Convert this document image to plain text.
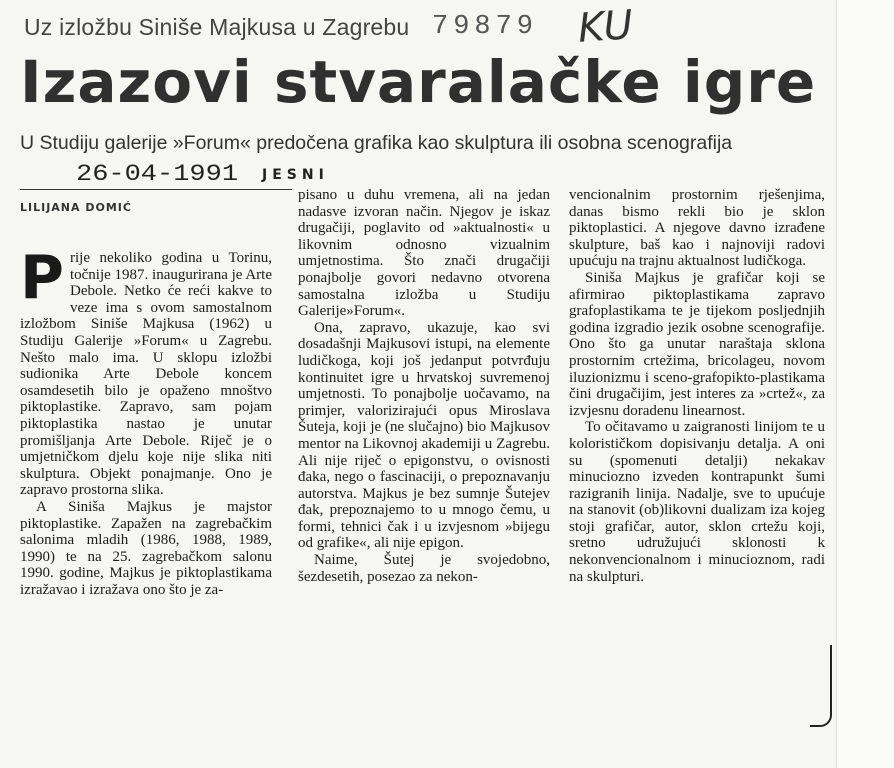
Uz izložbu Siniše Majkusa u Zagrebu 79879 KU
Izazovi stvaralačke igre
U Studiju galerije »Forum« predočena grafika kao skulptura ili osobna scenografija
26-04-1991 JESNI
LILIJANA DOMIĆ
P rije nekoliko godina u Torinu, točnije 1987. inaugurirana je Arte Debole. Netko će reći kakve to veze ima s ovom samostalnom izložbom Siniše Majkusa (1962) u Studiju Galerije »Forum« u Zagrebu. Nešto malo ima. U sklopu izložbi sudionika Arte Debole koncem osamdesetih bilo je opaženo mnoštvo piktoplastike. Zapravo, sam pojam piktoplastika nastao je unutar promišljanja Arte Debole. Riječ je o umjetničkom djelu koje nije slika niti skulptura. Objekt ponajmanje. Ono je zapravo prostorna slika.

A Siniša Majkus je majstor piktoplastike. Zapažen na zagrebačkim salonima mladih (1986, 1988, 1989, 1990) te na 25. zagrebačkom salonu 1990. godine, Majkus je piktoplastikama izražavao i izražava ono što je za-

pisano u duhu vremena, ali na jedan nadasve izvoran način. Njegov je iskaz drugačiji, poglavito od »aktualnosti« u likovnim odnosno vizualnim umjetnostima. Što znači drugačiji ponajbolje govori nedavno otvorena samostalna izložba u Studiju Galerije»Forum«.

Ona, zapravo, ukazuje, kao svi dosadašnji Majkusovi istupi, na elemente ludičkoga, koji još jedanput potvrđuju kontinuitet igre u hrvatskoj suvremenoj umjetnosti. To ponajbolje uočavamo, na primjer, valorizirajući opus Miroslava Šuteja, koji je (ne slučajno) bio Majkusov mentor na Likovnoj akademiji u Zagrebu. Ali nije riječ o epigonstvu, o ovisnosti đaka, nego o fascinaciji, o prepoznavanju autorstva. Majkus je bez sumnje Šutejev đak, prepoznajemo to u mnogo čemu, u formi, tehnici čak i u izvjesnom »bijegu od grafike«, ali nije epigon.

Naime, Šutej je svojedobno, šezdesetih, posezao za nekon-

vencionalnim prostornim rješenjima, danas bismo rekli bio je sklon piktoplastici. A njegove davno izrađene skulpture, baš kao i najnoviji radovi upućuju na trajnu aktualnost ludičkoga.

Siniša Majkus je grafičar koji se afirmirao piktoplastikama zapravo grafoplastikama te je tijekom posljednjih godina izgradio jezik osobne scenografije. Ono što ga unutar naraštaja sklona prostornim crtežima, bricolageu, novom iluzionizmu i sceno-grafopikto-plastikama čini drugačijim, jest interes za »crtež«, za izvjesnu doradenu linearnost.

To očitavamo u zaigranosti linijom te u kolorističkom dopisivanju detalja. A oni su (spomenuti detalji) nekakav minuciozno izveden kontrapunkt šumi razigranih linija. Nadalje, sve to upućuje na stanovit (ob)likovni dualizam iza kojeg stoji grafičar, autor, sklon crtežu koji, sretno udružujući sklonosti k nekonvencionalnom i minucioznom, radi na skulpturi.
